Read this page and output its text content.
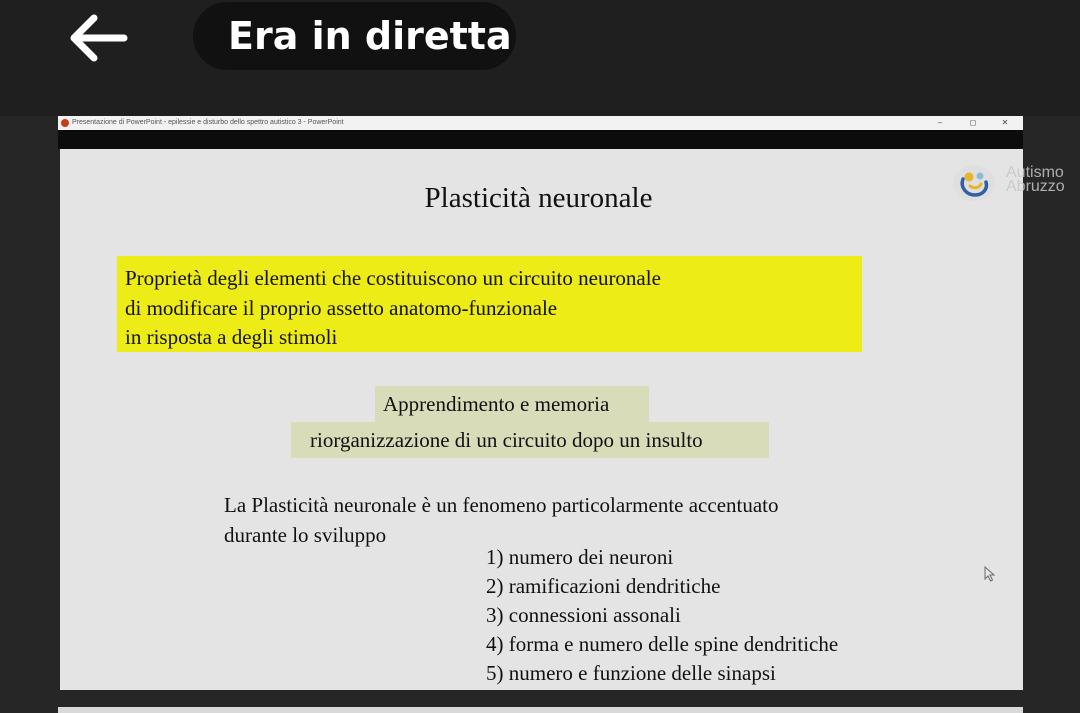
Era in diretta
Presentazione di PowerPoint - epilessie e disturbo dello spettro autistico 3 - PowerPoint	–	◻	✕
Plasticità neuronale
Proprietà degli elementi che costituiscono un circuito neuronale
di modificare il proprio assetto anatomo-funzionale
in risposta a degli stimoli
Apprendimento e memoria
riorganizzazione di un circuito dopo un insulto
La Plasticità neuronale è un fenomeno particolarmente accentuato
durante lo sviluppo
1) numero dei neuroni
2) ramificazioni dendritiche
3) connessioni assonali
4) forma e numero delle spine dendritiche
5) numero e funzione delle sinapsi
Autismo
Abruzzo
